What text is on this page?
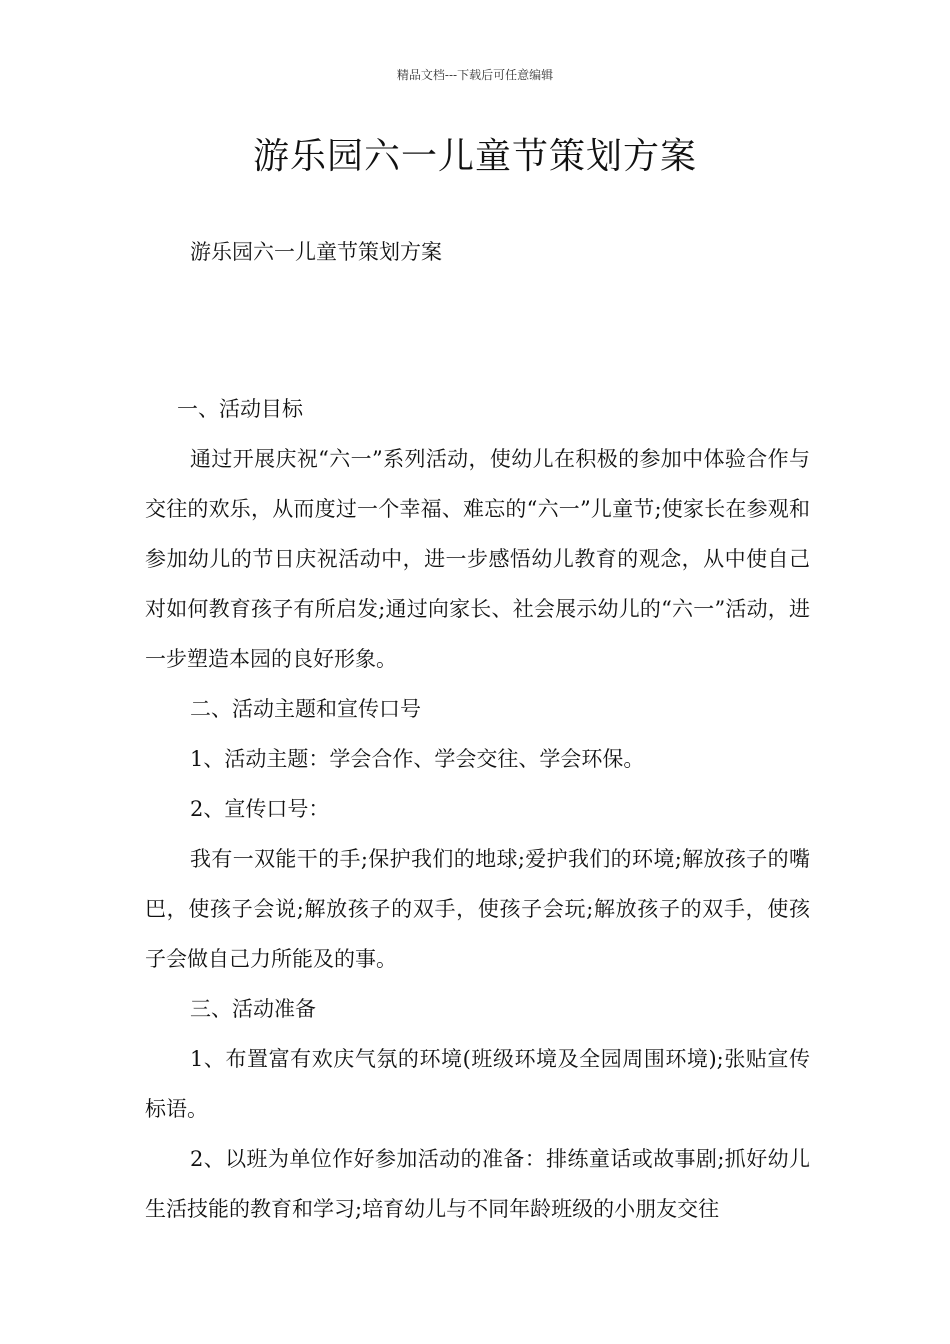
精品文档---下载后可任意编辑
游乐园六一儿童节策划方案

游乐园六一儿童节策划方案

一、活动目标

通过开展庆祝“六一”系列活动，使幼儿在积极的参加中体验合作与交往的欢乐，从而度过一个幸福、难忘的“六一”儿童节;使家长在参观和参加幼儿的节日庆祝活动中，进一步感悟幼儿教育的观念，从中使自己对如何教育孩子有所启发;通过向家长、社会展示幼儿的“六一”活动，进一步塑造本园的良好形象。

二、活动主题和宣传口号

1、活动主题：学会合作、学会交往、学会环保。

2、宣传口号：

我有一双能干的手;保护我们的地球;爱护我们的环境;解放孩子的嘴巴，使孩子会说;解放孩子的双手，使孩子会玩;解放孩子的双手，使孩子会做自己力所能及的事。

三、活动准备

1、布置富有欢庆气氛的环境(班级环境及全园周围环境);张贴宣传标语。

2、以班为单位作好参加活动的准备：排练童话或故事剧;抓好幼儿生活技能的教育和学习;培育幼儿与不同年龄班级的小朋友交往
